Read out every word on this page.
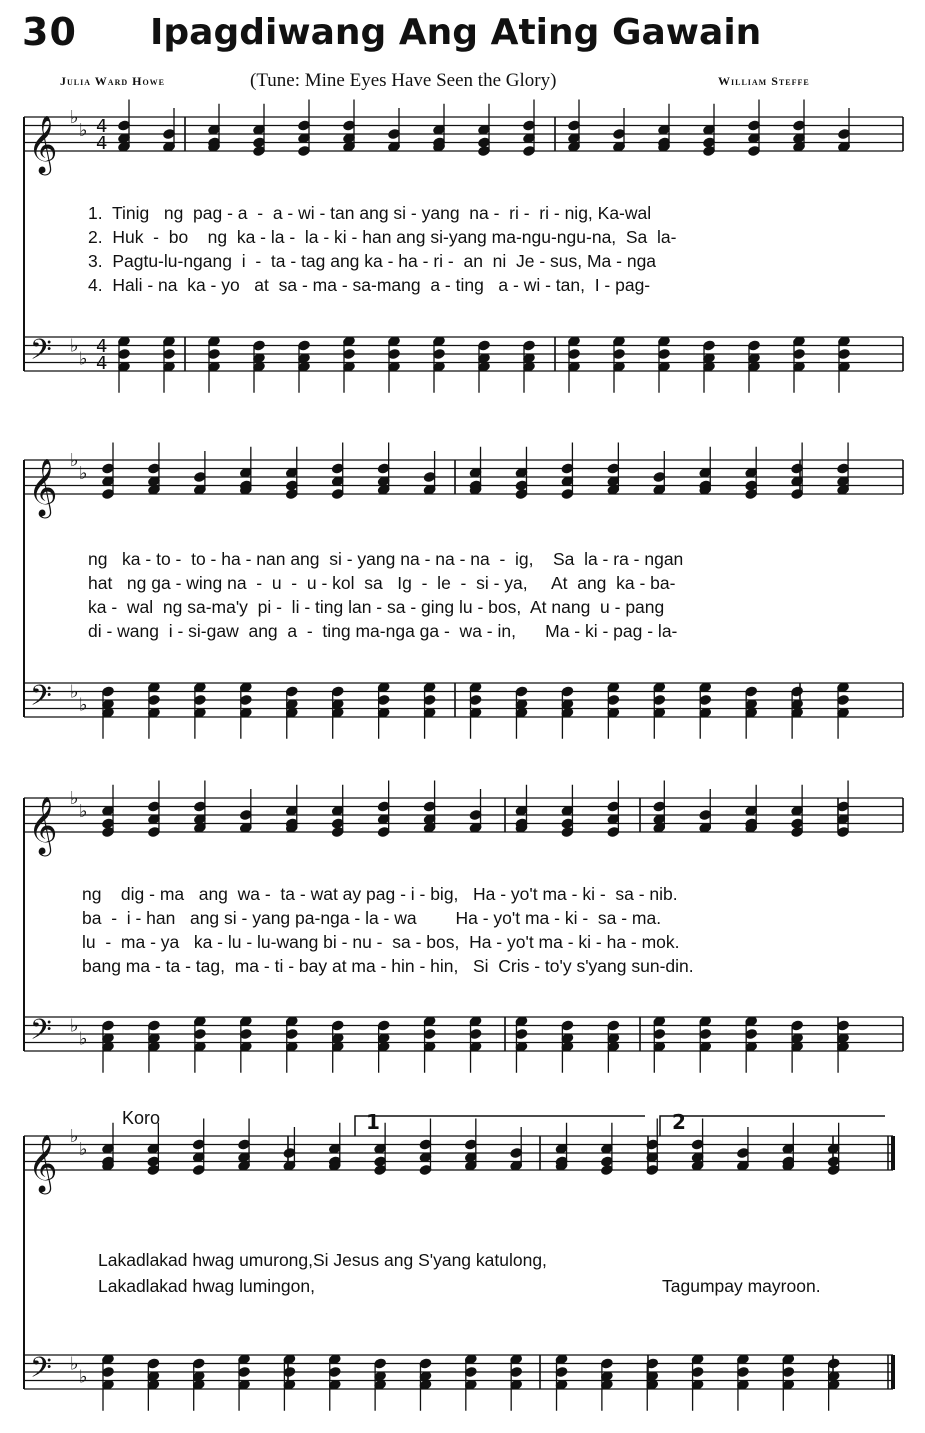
30 Ipagdiwang Ang Ating Gawain
Julia Ward Howe	(Tune: Mine Eyes Have Seen the Glory)	William Steffe
𝄞
𝄢
♭
♭
♭
♭
4
4
4
4
𝄞
𝄢
♭
♭
♭
♭
𝄞
𝄢
♭
♭
♭
♭
𝄞
𝄢
♭
♭
♭
♭
1.  Tinig   ng  pag - a  -  a - wi - tan ang si - yang  na -  ri -  ri - nig, Ka-wal
2.  Huk  -  bo    ng  ka - la -  la - ki - han ang si-yang ma-ngu-ngu-na,  Sa  la-
3.  Pagtu-lu-ngang  i  -  ta - tag ang ka - ha - ri -  an  ni  Je - sus, Ma - nga
4.  Hali - na  ka - yo   at  sa - ma - sa-mang  a - ting   a - wi - tan,  I - pag-
ng   ka - to -  to - ha - nan ang  si - yang na - na - na  -  ig,    Sa  la - ra - ngan
hat   ng ga - wing na  -  u  -  u - kol  sa   Ig  -  le  -  si - ya,     At  ang  ka - ba-
ka -  wal  ng sa-ma'y  pi -  li - ting lan - sa - ging lu - bos,  At nang  u - pang
di - wang  i - si-gaw  ang  a  -  ting ma-nga ga -  wa - in,      Ma - ki - pag - la-
ng    dig - ma   ang  wa -  ta - wat ay pag - i - big,   Ha - yo't ma - ki -  sa - nib.
ba  -  i - han   ang si - yang pa-nga - la - wa        Ha - yo't ma - ki -  sa - ma.
lu  -  ma - ya   ka - lu - lu-wang bi - nu -  sa - bos,  Ha - yo't ma - ki - ha - mok.
bang ma - ta - tag,  ma - ti - bay at ma - hin - hin,   Si  Cris - to'y s'yang sun-din.
Koro	1	2
Lakadlakad hwag umurong,Si Jesus ang S'yang katulong,
Lakadlakad hwag lumingon,	Tagumpay mayroon.
